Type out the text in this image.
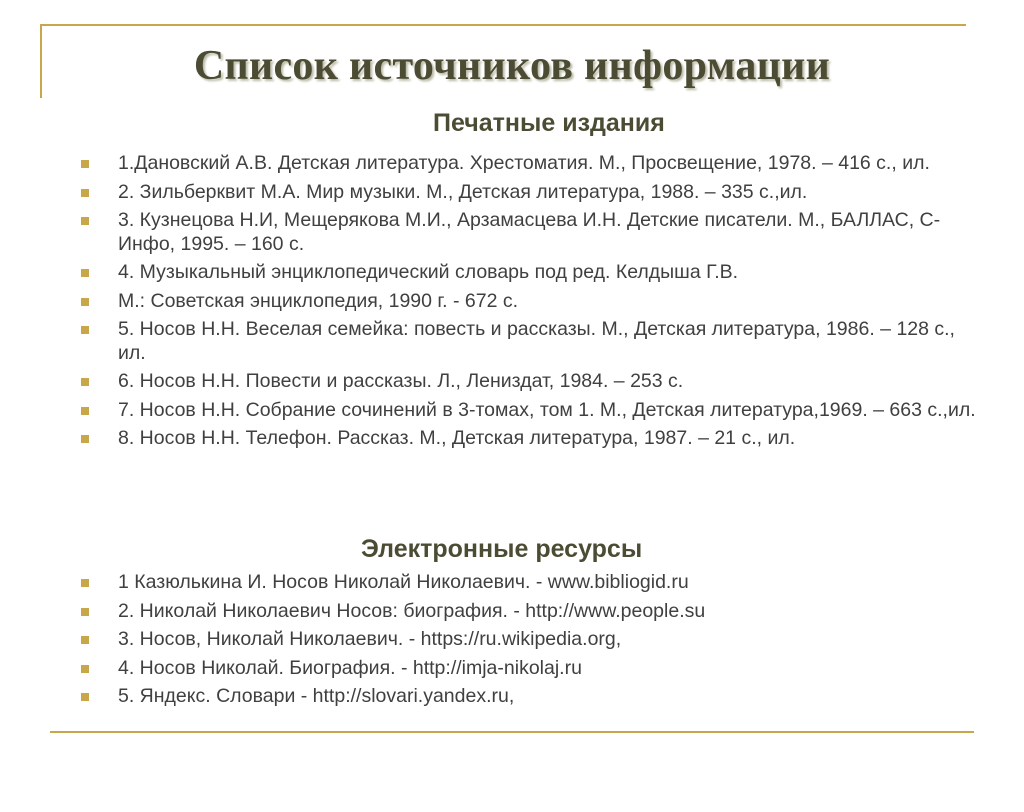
Список источников информации
Печатные издания
1.Дановский А.В. Детская литература. Хрестоматия. М., Просвещение, 1978. – 416 с., ил.
2. Зильберквит М.А. Мир музыки. М., Детская литература, 1988. – 335 с.,ил.
3. Кузнецова Н.И, Мещерякова М.И., Арзамасцева И.Н. Детские писатели. М., БАЛЛАС, С-Инфо, 1995. – 160 с.
4. Музыкальный энциклопедический словарь под ред. Келдыша Г.В.
М.: Советская энциклопедия, 1990 г. - 672 с.
5. Носов Н.Н. Веселая семейка: повесть и рассказы. М., Детская литература, 1986. – 128 с., ил.
6. Носов Н.Н. Повести и рассказы. Л., Лениздат, 1984. – 253 с.
7. Носов Н.Н. Собрание сочинений в 3-томах, том 1. М., Детская литература,1969. – 663 с.,ил.
8. Носов Н.Н. Телефон. Рассказ. М., Детская литература, 1987. – 21 с., ил.
Электронные ресурсы
1 Казюлькина И. Носов Николай Николаевич. - www.bibliogid.ru
2. Николай Николаевич Носов: биография. - http://www.people.su
3. Носов, Николай Николаевич. - https://ru.wikipedia.org,
4. Носов Николай. Биография. - http://imja-nikolaj.ru
5. Яндекс. Словари - http://slovari.yandex.ru,
